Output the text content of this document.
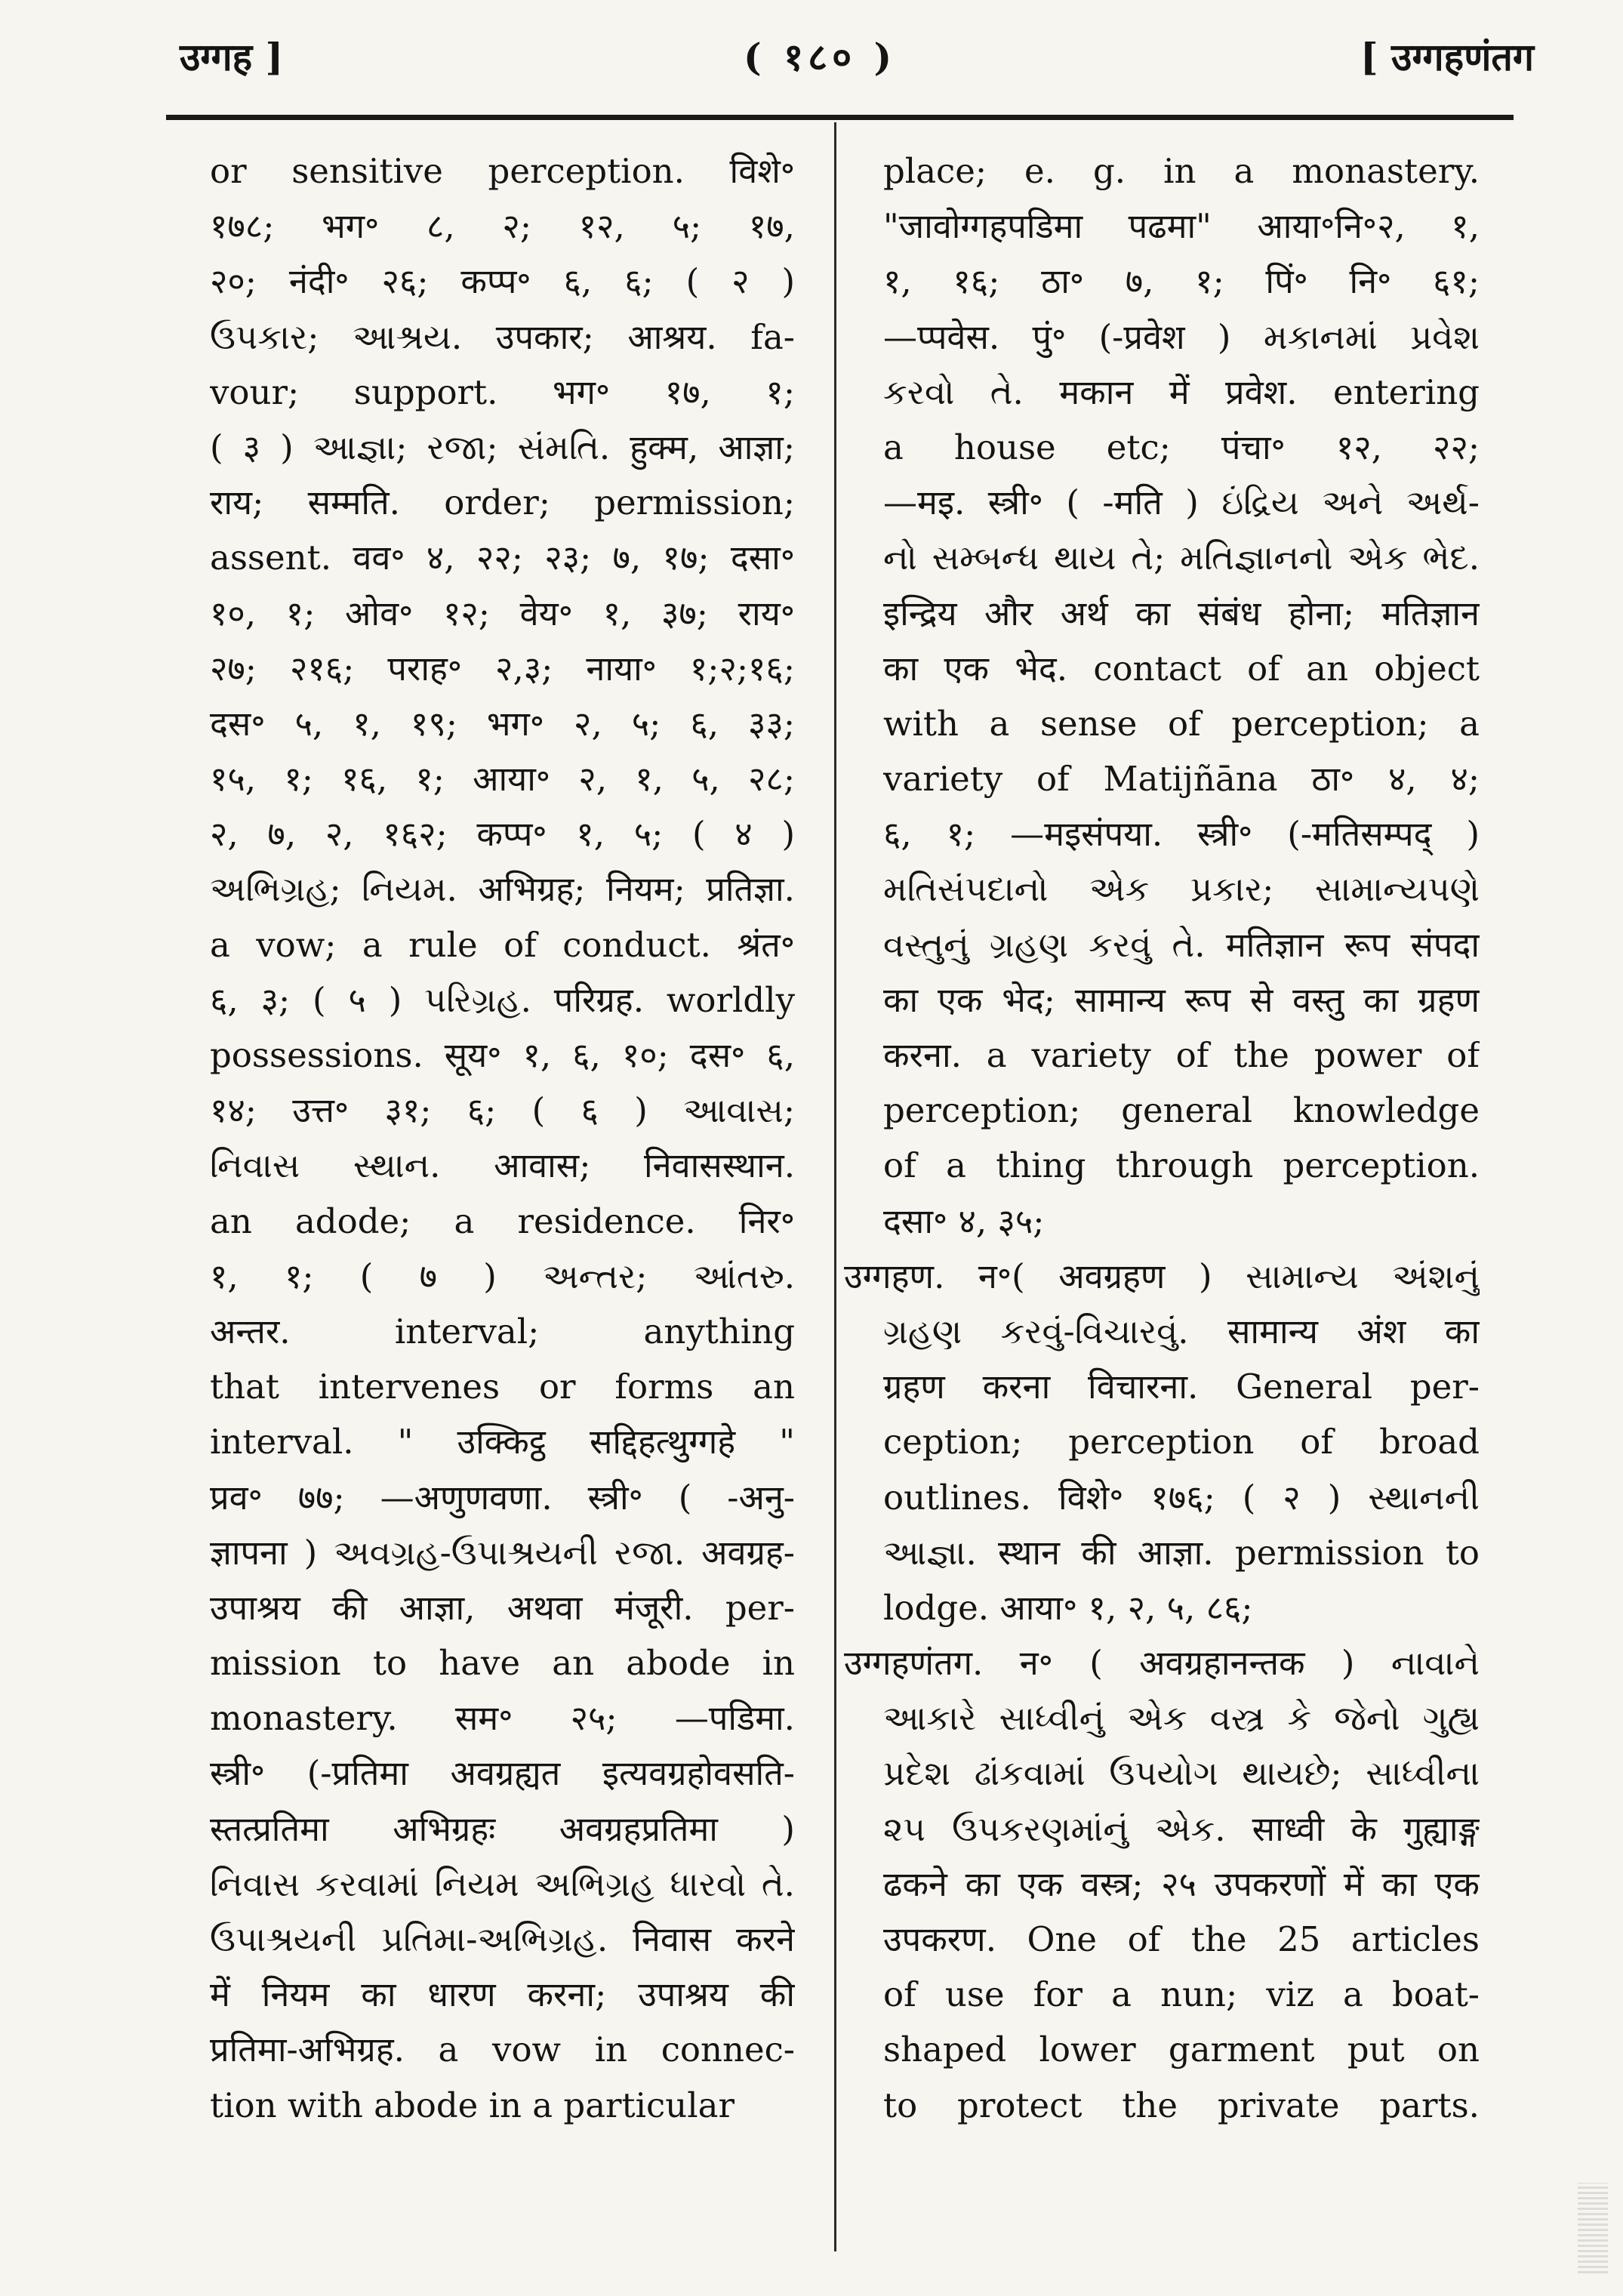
उग्गह ]	( १८० )	[ उग्गहणंतग
or sensitive perception. विशे॰
१७८; भग॰ ८, २; १२, ५; १७,
२०; नंदी॰ २६; कप्प॰ ६, ६; ( २ )
ઉપકાર; આશ્રય. उपकार; आश्रय. fa-
vour; support. भग॰ १७, १;
( ३ ) આજ્ઞા; રજા; સંમતિ. हुक्म, आज्ञा;
राय; सम्मति. order; permission;
assent. वव॰ ४, २२; २३; ७, १७; दसा॰
१०, १; ओव॰ १२; वेय॰ १, ३७; राय॰
२७; २१६; पराह॰ २,३; नाया॰ १;२;१६;
दस॰ ५, १, १९; भग॰ २, ५; ६, ३३;
१५, १; १६, १; आया॰ २, १, ५, २८;
२, ७, २, १६२; कप्प॰ १, ५; ( ४ )
અભિગ્રહ; નિયમ. अभिग्रह; नियम; प्रतिज्ञा.
a vow; a rule of conduct. श्रंत॰
६, ३; ( ५ ) પરિગ્રહ. परिग्रह. worldly
possessions. सूय॰ १, ६, १०; दस॰ ६,
१४; उत्त॰ ३१; ६; ( ६ ) આવાસ;
નિવાસ સ્થાન. आवास; निवासस्थान.
an adode; a residence. निर॰
१, १; ( ७ ) અન્તર; આંતરુ.
अन्तर. interval; anything
that intervenes or forms an
interval. " उक्किट्ठ सद्दिहत्थुग्गहे "
प्रव॰ ७७; —अणुणवणा. स्त्री॰ ( -अनु-
ज्ञापना ) અવગ્રહ-ઉપાશ્રયની રજા. अवग्रह-
उपाश्रय की आज्ञा, अथवा मंजूरी. per-
mission to have an abode in
monastery. सम॰ २५; —पडिमा.
स्त्री॰ (-प्रतिमा अवग्रह्यत इत्यवग्रहोवसति-
स्तत्प्रतिमा अभिग्रहः अवग्रहप्रतिमा )
નિવાસ કરવામાં નિયમ અભિગ્રહ ધારવો તે.
ઉપાશ્રયની પ્રતિમા-અભિગ્રહ. निवास करने
में नियम का धारण करना; उपाश्रय की
प्रतिमा-अभिग्रह. a vow in connec-
tion with abode in a particular
place; e. g. in a monastery.
"जावोग्गहपडिमा पढमा" आया॰नि॰२, १,
१, १६; ठा॰ ७, १; पिं॰ नि॰ ६१;
—प्पवेस. पुं॰ (-प्रवेश ) મકાનમાં પ્રવેશ
કરવો તે. मकान में प्रवेश. entering
a house etc; पंचा॰ १२, २२;
—मइ. स्त्री॰ ( -मति ) ઇંદ્રિય અને અર્થ-
નો સમ્બન્ધ થાય તે; મતિજ્ઞાનનો એક ભેદ.
इन्द्रिय और अर्थ का संबंध होना; मतिज्ञान
का एक भेद. contact of an object
with a sense of perception; a
variety of Matijñāna ठा॰ ४, ४;
६, १; —मइसंपया. स्त्री॰ (-मतिसम्पद् )
મતિસંપદાનો એક પ્રકાર; સામાન્યપણે
વસ્તુનું ગ્રહણ કરવું તે. मतिज्ञान रूप संपदा
का एक भेद; सामान्य रूप से वस्तु का ग्रहण
करना. a variety of the power of
perception; general knowledge
of a thing through perception.
दसा॰ ४, ३५;
उग्गहण. न॰( अवग्रहण ) સામાન્ય અંશનું
ગ્રહણ કરવું-વિચારવું. सामान्य अंश का
ग्रहण करना विचारना. General per-
ception; perception of broad
outlines. विशे॰ १७६; ( २ ) સ્થાનની
આજ્ઞા. स्थान की आज्ञा. permission to
lodge. आया॰ १, २, ५, ८६;
उग्गहणंतग. न॰ ( अवग्रहानन्तक ) નાવાને
આકારે સાધ્વીનું એક વસ્ત્ર કે જેનો ગુહ્ય
પ્રદેશ ઢાંકવામાં ઉપયોગ થાયછે; સાધ્વીના
૨૫ ઉપકરણમાંનું એક. साध्वी के गुह्याङ्ग
ढकने का एक वस्त्र; २५ उपकरणों में का एक
उपकरण. One of the 25 articles
of use for a nun; viz a boat-
shaped lower garment put on
to protect the private parts.
